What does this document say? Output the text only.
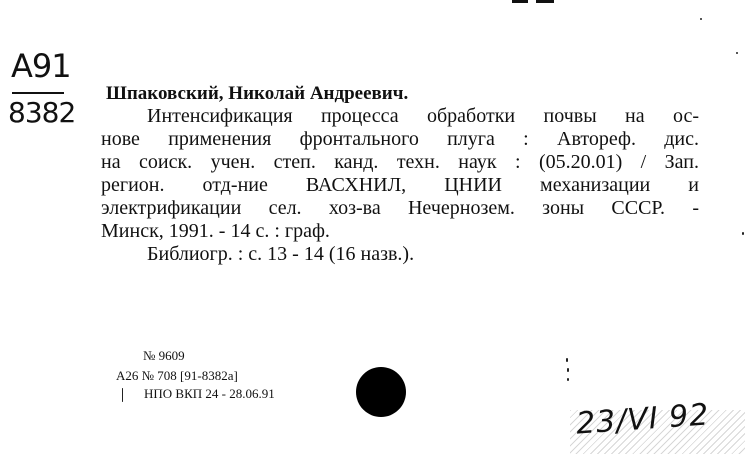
А91
8382
Шпаковский, Николай Андреевич.
Интенсификация процесса обработки почвы на ос-
нове применения фронтального плуга : Автореф. дис.
на соиск. учен. степ. канд. техн. наук : (05.20.01) / Зап.
регион. отд-ние ВАСХНИЛ, ЦНИИ механизации и
электрификации сел. хоз-ва Нечернозем. зоны СССР. -
Минск, 1991. - 14 с. : граф.
Библиогр. : с. 13 - 14 (16 назв.).
№ 9609
А26 № 708 [91-8382а]
НПО ВКП 24 - 28.06.91
23/VI 92
